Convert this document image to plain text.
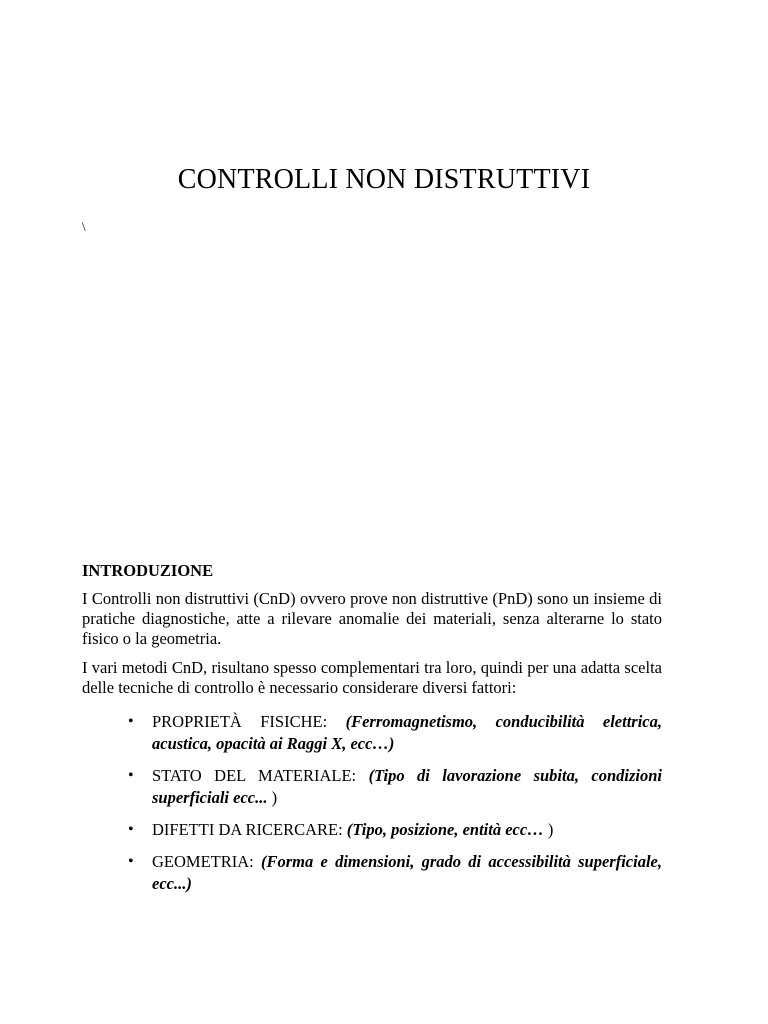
CONTROLLI NON DISTRUTTIVI
\
INTRODUZIONE

I Controlli non distruttivi (CnD) ovvero prove non distruttive (PnD) sono un insieme di pratiche diagnostiche, atte a rilevare anomalie dei materiali, senza alterarne lo stato fisico o la geometria.

I vari metodi CnD, risultano spesso complementari tra loro, quindi per una adatta scelta delle tecniche di controllo è necessario considerare diversi fattori:

• PROPRIETÀ FISICHE: (Ferromagnetismo, conducibilità elettrica, acustica, opacità ai Raggi X, ecc…)
• STATO DEL MATERIALE: (Tipo di lavorazione subita, condizioni superficiali ecc... )
• DIFETTI DA RICERCARE: (Tipo, posizione, entità ecc… )
• GEOMETRIA: (Forma e dimensioni, grado di accessibilità superficiale, ecc...)
